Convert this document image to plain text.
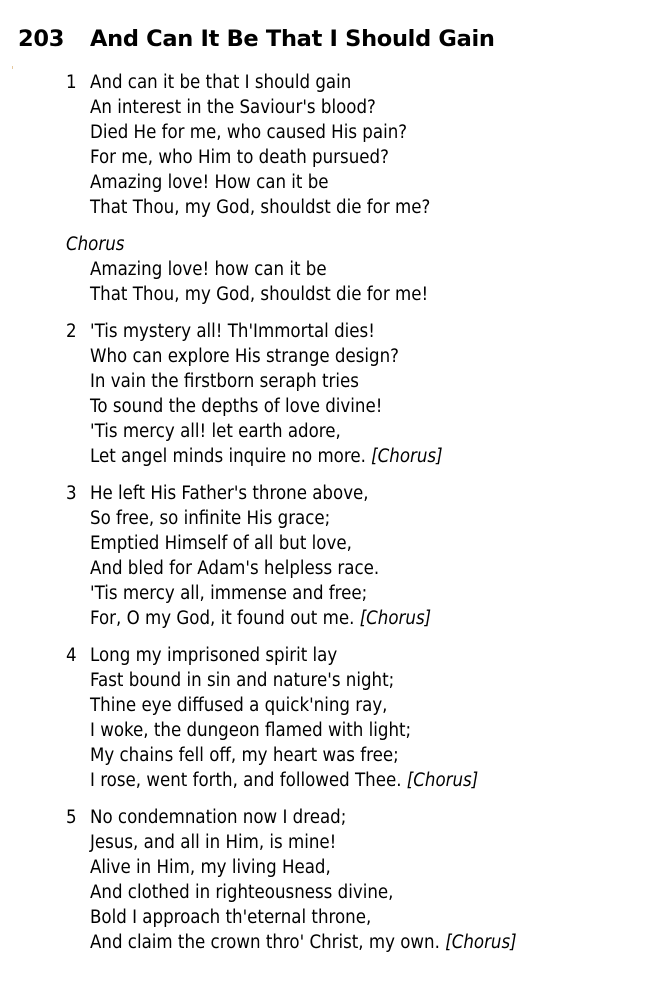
203 And Can It Be That I Should Gain
1 And can it be that I should gain
An interest in the Saviour's blood?
Died He for me, who caused His pain?
For me, who Him to death pursued?
Amazing love! How can it be
That Thou, my God, shouldst die for me?
Chorus
Amazing love! how can it be
That Thou, my God, shouldst die for me!
2 'Tis mystery all! Th'Immortal dies!
Who can explore His strange design?
In vain the firstborn seraph tries
To sound the depths of love divine!
'Tis mercy all! let earth adore,
Let angel minds inquire no more. [Chorus]
3 He left His Father's throne above,
So free, so infinite His grace;
Emptied Himself of all but love,
And bled for Adam's helpless race.
'Tis mercy all, immense and free;
For, O my God, it found out me. [Chorus]
4 Long my imprisoned spirit lay
Fast bound in sin and nature's night;
Thine eye diffused a quick'ning ray,
I woke, the dungeon flamed with light;
My chains fell off, my heart was free;
I rose, went forth, and followed Thee. [Chorus]
5 No condemnation now I dread;
Jesus, and all in Him, is mine!
Alive in Him, my living Head,
And clothed in righteousness divine,
Bold I approach th'eternal throne,
And claim the crown thro' Christ, my own. [Chorus]
